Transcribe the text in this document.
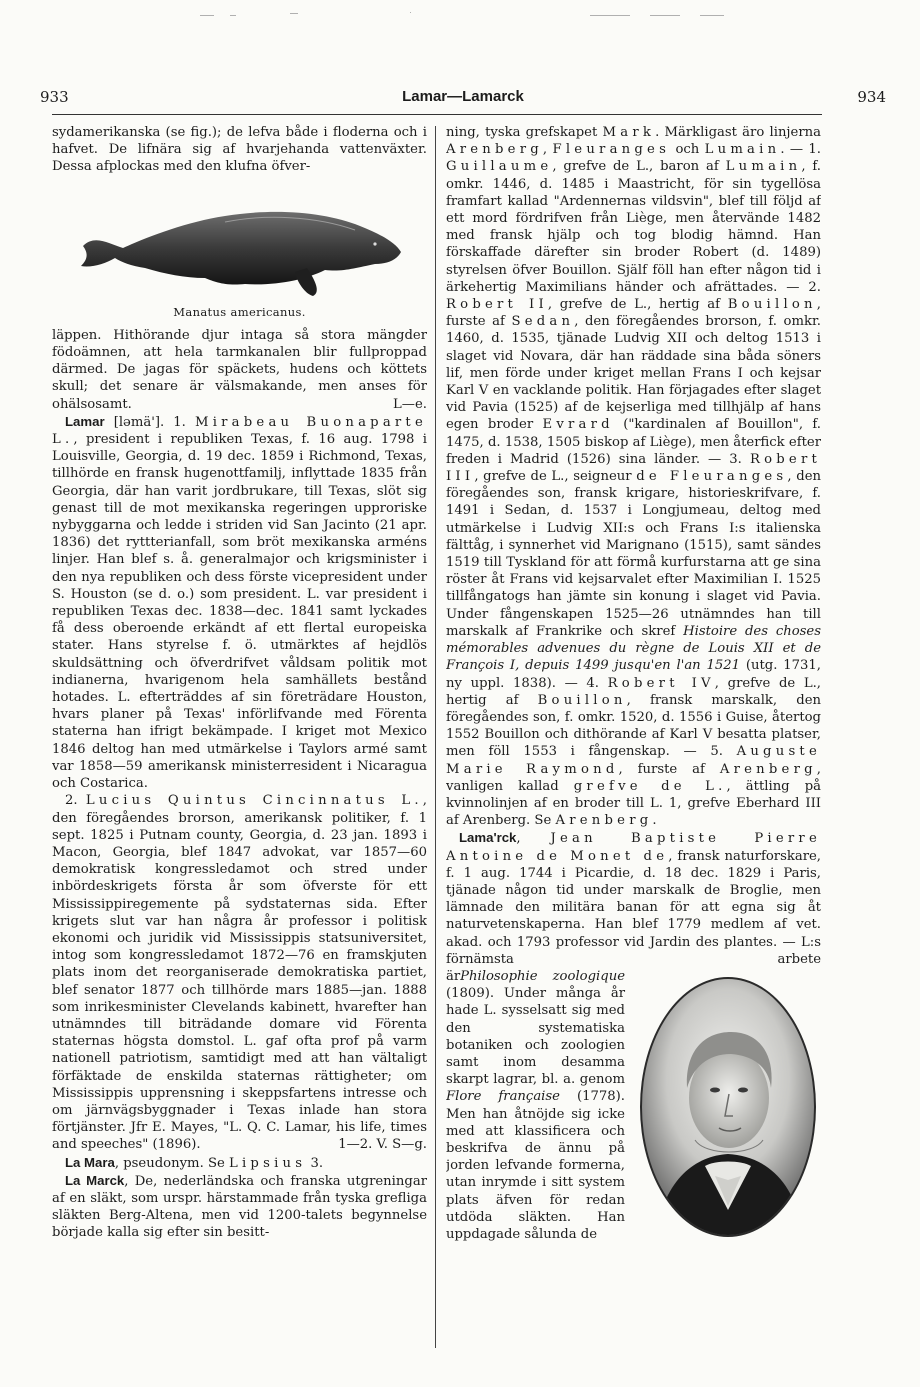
933	Lamar—Lamarck	934

sydamerikanska (se fig.); de lefva både i floderna och i hafvet. De lifnära sig af hvarjehanda vattenväxter. Dessa afplockas med den klufna öfver-

Manatus americanus.

läppen. Hithörande djur intaga så stora mängder födoämnen, att hela tarmkanalen blir fullproppad därmed. De jagas för späckets, hudens och köttets skull; det senare är välsmakande, men anses för ohälsosamt.	L—e.

Lamar [ləmä']. 1. Mirabeau Buonaparte L., president i republiken Texas, f. 16 aug. 1798 i Louisville, Georgia, d. 19 dec. 1859 i Richmond, Texas, tillhörde en fransk hugenottfamilj, inflyttade 1835 från Georgia, där han varit jordbrukare, till Texas, slöt sig genast till de mot mexikanska regeringen upproriske nybyggarna och ledde i striden vid San Jacinto (21 apr. 1836) det ryttterianfall, som bröt mexikanska arméns linjer. Han blef s. å. generalmajor och krigsminister i den nya republiken och dess förste vicepresident under S. Houston (se d. o.) som president. L. var president i republiken Texas dec. 1838—dec. 1841 samt lyckades få dess oberoende erkändt af ett flertal europeiska stater. Hans styrelse f. ö. utmärktes af hejdlös skuldsättning och öfverdrifvet våldsam politik mot indianerna, hvarigenom hela samhällets bestånd hotades. L. efterträddes af sin företrädare Houston, hvars planer på Texas' införlifvande med Förenta staterna han ifrigt bekämpade. I kriget mot Mexico 1846 deltog han med utmärkelse i Taylors armé samt var 1858—59 amerikansk ministerresident i Nicaragua och Costarica.

2. Lucius Quintus Cincinnatus L., den föregåendes brorson, amerikansk politiker, f. 1 sept. 1825 i Putnam county, Georgia, d. 23 jan. 1893 i Macon, Georgia, blef 1847 advokat, var 1857—60 demokratisk kongressledamot och stred under inbördeskrigets första år som öfverste för ett Mississippiregemente på sydstaternas sida. Efter krigets slut var han några år professor i politisk ekonomi och juridik vid Mississippis statsuniversitet, intog som kongressledamot 1872—76 en framskjuten plats inom det reorganiserade demokratiska partiet, blef senator 1877 och tillhörde mars 1885—jan. 1888 som inrikesminister Clevelands kabinett, hvarefter han utnämndes till biträdande domare vid Förenta staternas högsta domstol. L. gaf ofta prof på varm nationell patriotism, samtidigt med att han vältaligt förfäktade de enskilda staternas rättigheter; om Mississippis upprensning i skeppsfartens intresse och om järnvägsbyggnader i Texas inlade han stora förtjänster. Jfr E. Mayes, "L. Q. C. Lamar, his life, times and speeches" (1896).	1—2. V. S—g.

La Mara, pseudonym. Se Lipsius 3.

La Marck, De, nederländska och franska utgreningar af en släkt, som urspr. härstammade från tyska grefliga släkten Berg-Altena, men vid 1200-talets begynnelse började kalla sig efter sin besitt-

ning, tyska grefskapet Mark. Märkligast äro linjerna Arenberg, Fleuranges och Lumain. — 1. Guillaume, grefve de L., baron af Lumain, f. omkr. 1446, d. 1485 i Maastricht, för sin tygellösa framfart kallad "Ardennernas vildsvin", blef till följd af ett mord fördrifven från Liège, men återvände 1482 med fransk hjälp och tog blodig hämnd. Han förskaffade därefter sin broder Robert (d. 1489) styrelsen öfver Bouillon. Själf föll han efter någon tid i ärkehertig Maximilians händer och afrättades. — 2. Robert II, grefve de L., hertig af Bouillon, furste af Sedan, den föregåendes brorson, f. omkr. 1460, d. 1535, tjänade Ludvig XII och deltog 1513 i slaget vid Novara, där han räddade sina båda söners lif, men förde under kriget mellan Frans I och kejsar Karl V en vacklande politik. Han förjagades efter slaget vid Pavia (1525) af de kejserliga med tillhjälp af hans egen broder Evrard ("kardinalen af Bouillon", f. 1475, d. 1538, 1505 biskop af Liège), men återfick efter freden i Madrid (1526) sina länder. — 3. Robert III, grefve de L., seigneur de Fleuranges, den föregåendes son, fransk krigare, historieskrifvare, f. 1491 i Sedan, d. 1537 i Longjumeau, deltog med utmärkelse i Ludvig XII:s och Frans I:s italienska fälttåg, i synnerhet vid Marignano (1515), samt sändes 1519 till Tyskland för att förmå kurfurstarna att ge sina röster åt Frans vid kejsarvalet efter Maximilian I. 1525 tillfångatogs han jämte sin konung i slaget vid Pavia. Under fångenskapen 1525—26 utnämndes han till marskalk af Frankrike och skref Histoire des choses mémorables advenues du règne de Louis XII et de François I, depuis 1499 jusqu'en l'an 1521 (utg. 1731, ny uppl. 1838). — 4. Robert IV, grefve de L., hertig af Bouillon, fransk marskalk, den föregåendes son, f. omkr. 1520, d. 1556 i Guise, återtog 1552 Bouillon och dithörande af Karl V besatta platser, men föll 1553 i fångenskap. — 5. Auguste Marie Raymond, furste af Arenberg, vanligen kallad grefve de L., ättling på kvinnolinjen af en broder till L. 1, grefve Eberhard III af Arenberg. Se Arenberg.

Lama'rck, Jean Baptiste Pierre Antoine de Monet de, fransk naturforskare, f. 1 aug. 1744 i Picardie, d. 18 dec. 1829 i Paris, tjänade någon tid under marskalk de Broglie, men lämnade den militära banan för att egna sig åt naturvetenskaperna. Han blef 1779 medlem af vet. akad. och 1793 professor vid Jardin des plantes. — L:s förnämsta arbete är
Philosophie zoologique (1809). Under många år hade L. sysselsatt sig med den systematiska botaniken och zoologien samt inom desamma skarpt lagrar, bl. a. genom Flore française (1778). Men han åtnöjde sig icke med att klassificera och beskrifva de ännu på jorden lefvande formerna, utan inrymde i sitt system plats äfven för redan utdöda släkten. Han uppdagade sålunda de
